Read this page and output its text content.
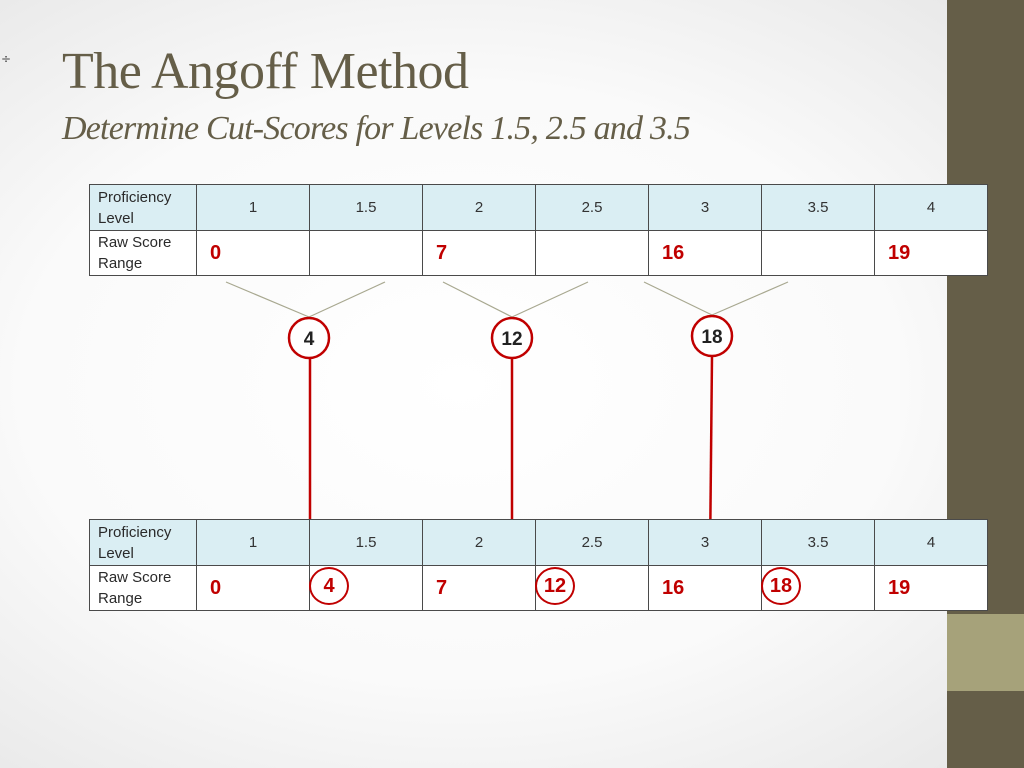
÷ The Angoff Method
Determine Cut-Scores for Levels 1.5, 2.5 and 3.5
Proficiency Level	1	1.5	2	2.5	3	3.5	4
Raw Score Range	0		7		16		19
4	12	18
Proficiency Level	1	1.5	2	2.5	3	3.5	4
Raw Score Range	0	4	7	12	16	18	19
